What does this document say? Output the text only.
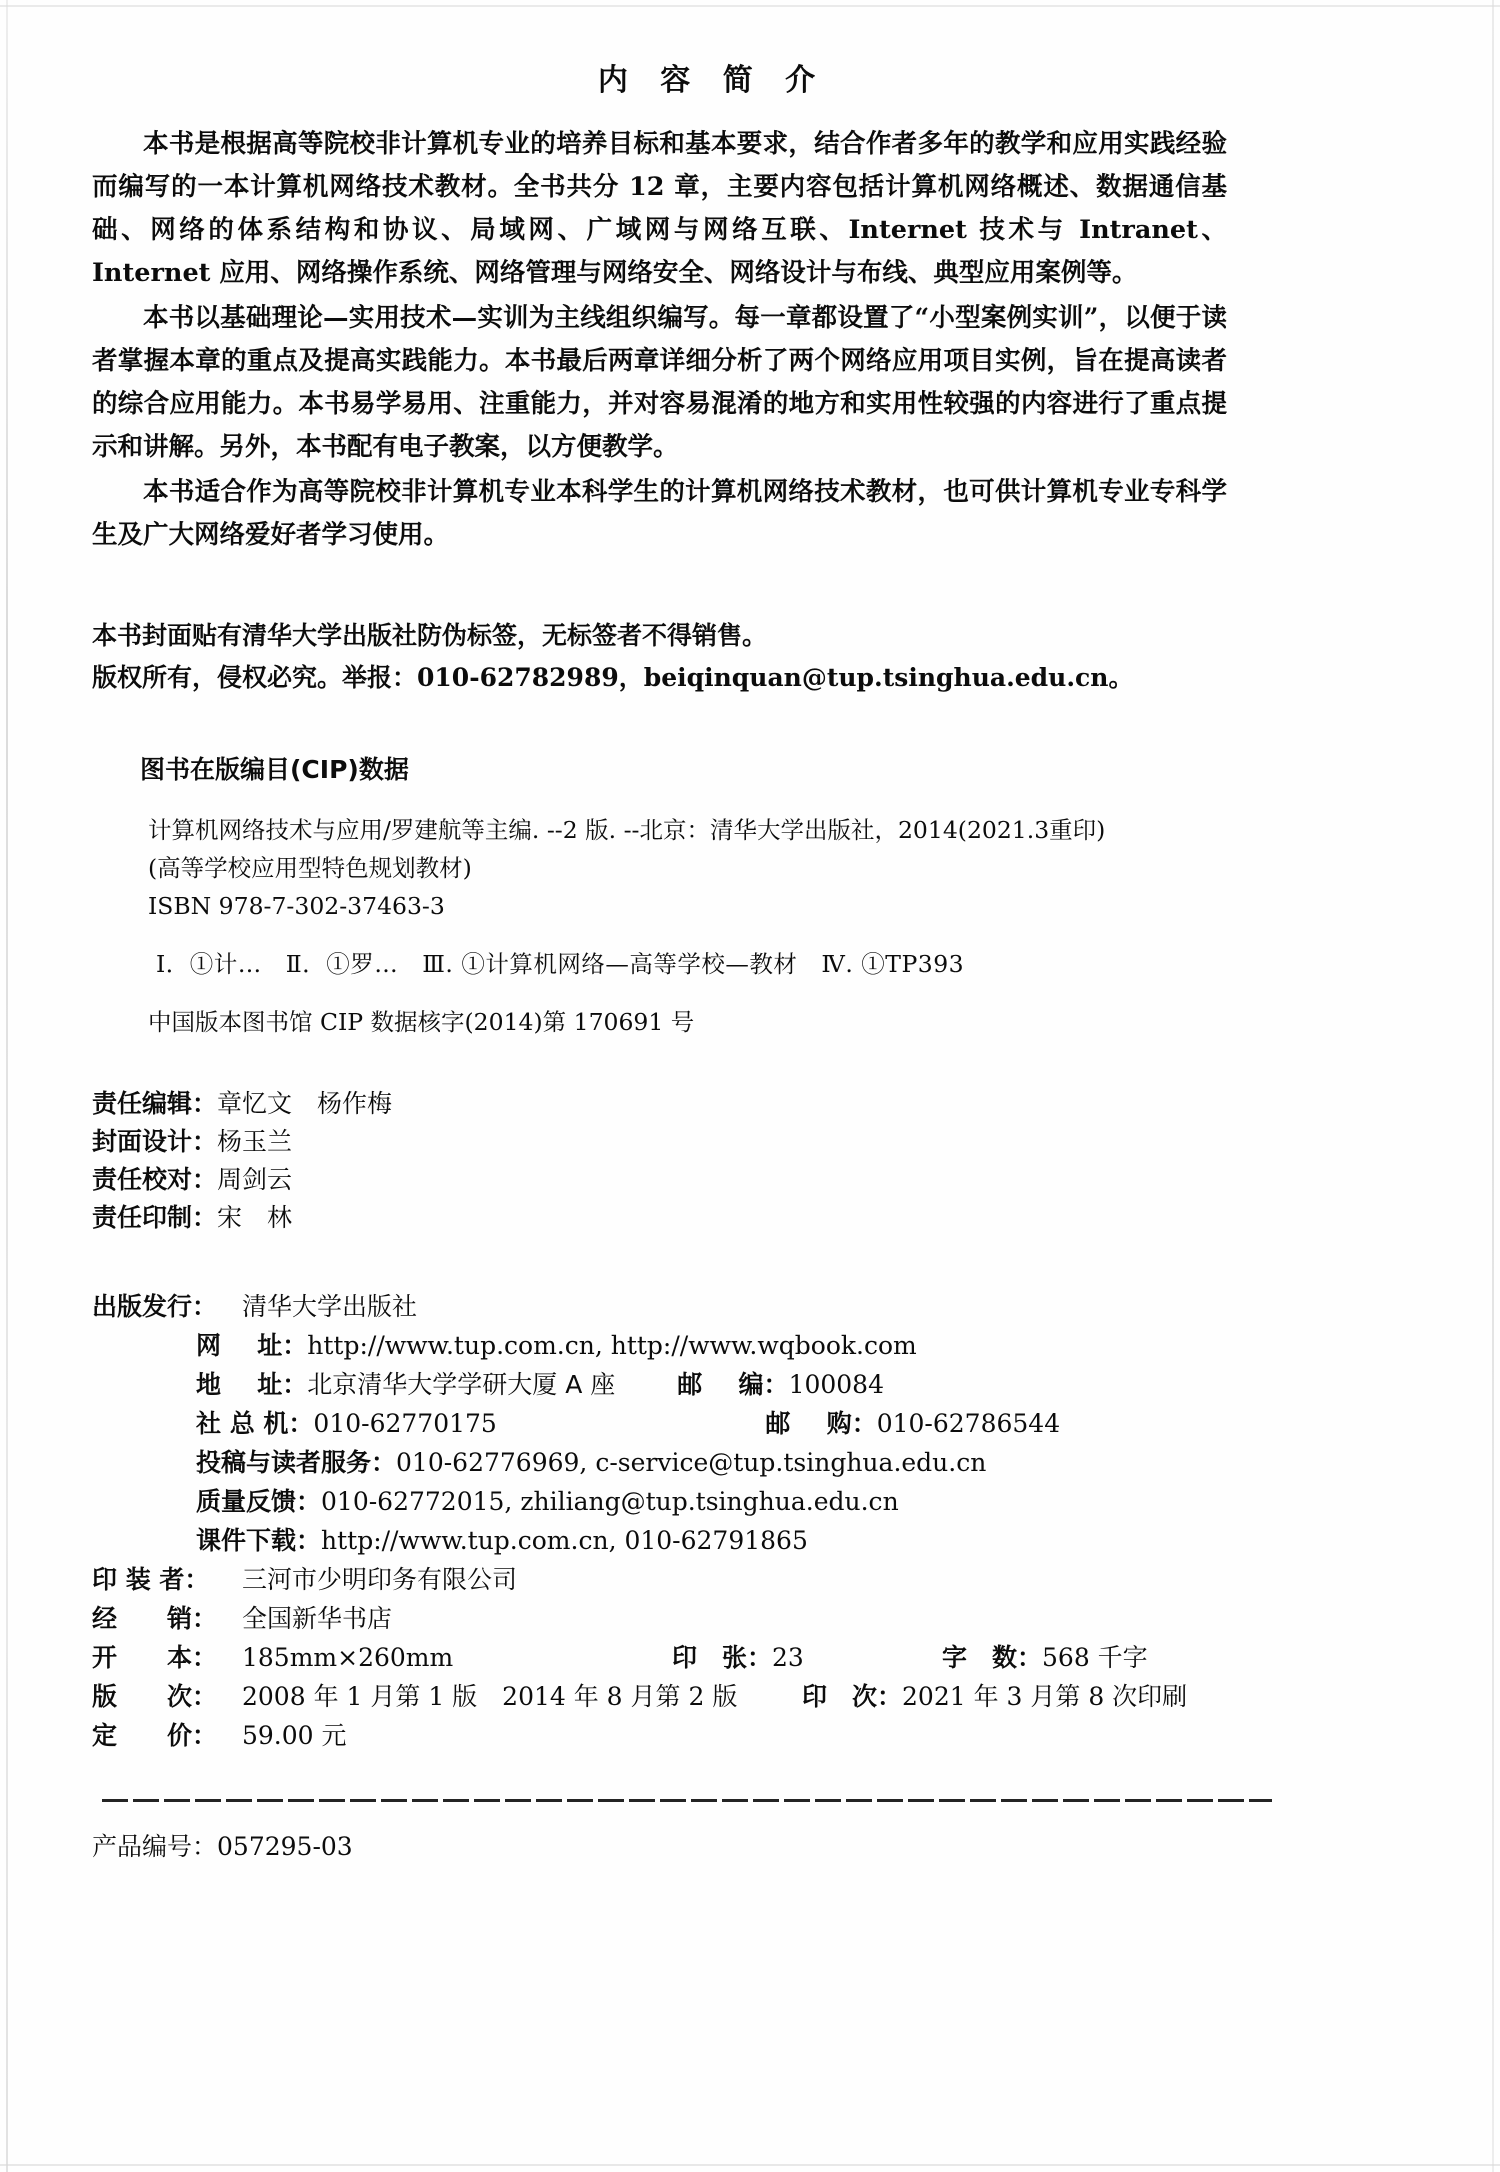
内 容 简 介

本书是根据高等院校非计算机专业的培养目标和基本要求，结合作者多年的教学和应用实践经验而编写的一本计算机网络技术教材。全书共分 12 章，主要内容包括计算机网络概述、数据通信基础、网络的体系结构和协议、局域网、广域网与网络互联、Internet 技术与 Intranet、Internet 应用、网络操作系统、网络管理与网络安全、网络设计与布线、典型应用案例等。

本书以基础理论—实用技术—实训为主线组织编写。每一章都设置了“小型案例实训”，以便于读者掌握本章的重点及提高实践能力。本书最后两章详细分析了两个网络应用项目实例，旨在提高读者的综合应用能力。本书易学易用、注重能力，并对容易混淆的地方和实用性较强的内容进行了重点提示和讲解。另外，本书配有电子教案，以方便教学。

本书适合作为高等院校非计算机专业本科学生的计算机网络技术教材，也可供计算机专业专科学生及广大网络爱好者学习使用。

本书封面贴有清华大学出版社防伪标签，无标签者不得销售。
版权所有，侵权必究。举报：010-62782989，beiqinquan@tup.tsinghua.edu.cn。
图书在版编目(CIP)数据
计算机网络技术与应用/罗建航等主编. --2 版. --北京：清华大学出版社，2014(2021.3重印)
(高等学校应用型特色规划教材)
ISBN 978-7-302-37463-3
Ⅰ．①计…　Ⅱ．①罗…　Ⅲ. ①计算机网络—高等学校—教材　Ⅳ. ①TP393
中国版本图书馆 CIP 数据核字(2014)第 170691 号
责任编辑：章忆文　杨作梅
封面设计：杨玉兰
责任校对：周剑云
责任印制：宋　林
出版发行： 清华大学出版社
网 址：http://www.tup.com.cn, http://www.wqbook.com
地 址：北京清华大学学研大厦 A 座 邮 编：100084
社 总 机：010-62770175	邮 购：010-62786544
投稿与读者服务：010-62776969, c-service@tup.tsinghua.edu.cn
质量反馈：010-62772015, zhiliang@tup.tsinghua.edu.cn
课件下载：http://www.tup.com.cn, 010-62791865
印 装 者： 三河市少明印务有限公司
经　　销： 全国新华书店
开　　本： 185mm×260mm	印　张：23	字　数：568 千字
版　　次： 2008 年 1 月第 1 版　2014 年 8 月第 2 版	印　次：2021 年 3 月第 8 次印刷
定　　价： 59.00 元
产品编号：057295-03
